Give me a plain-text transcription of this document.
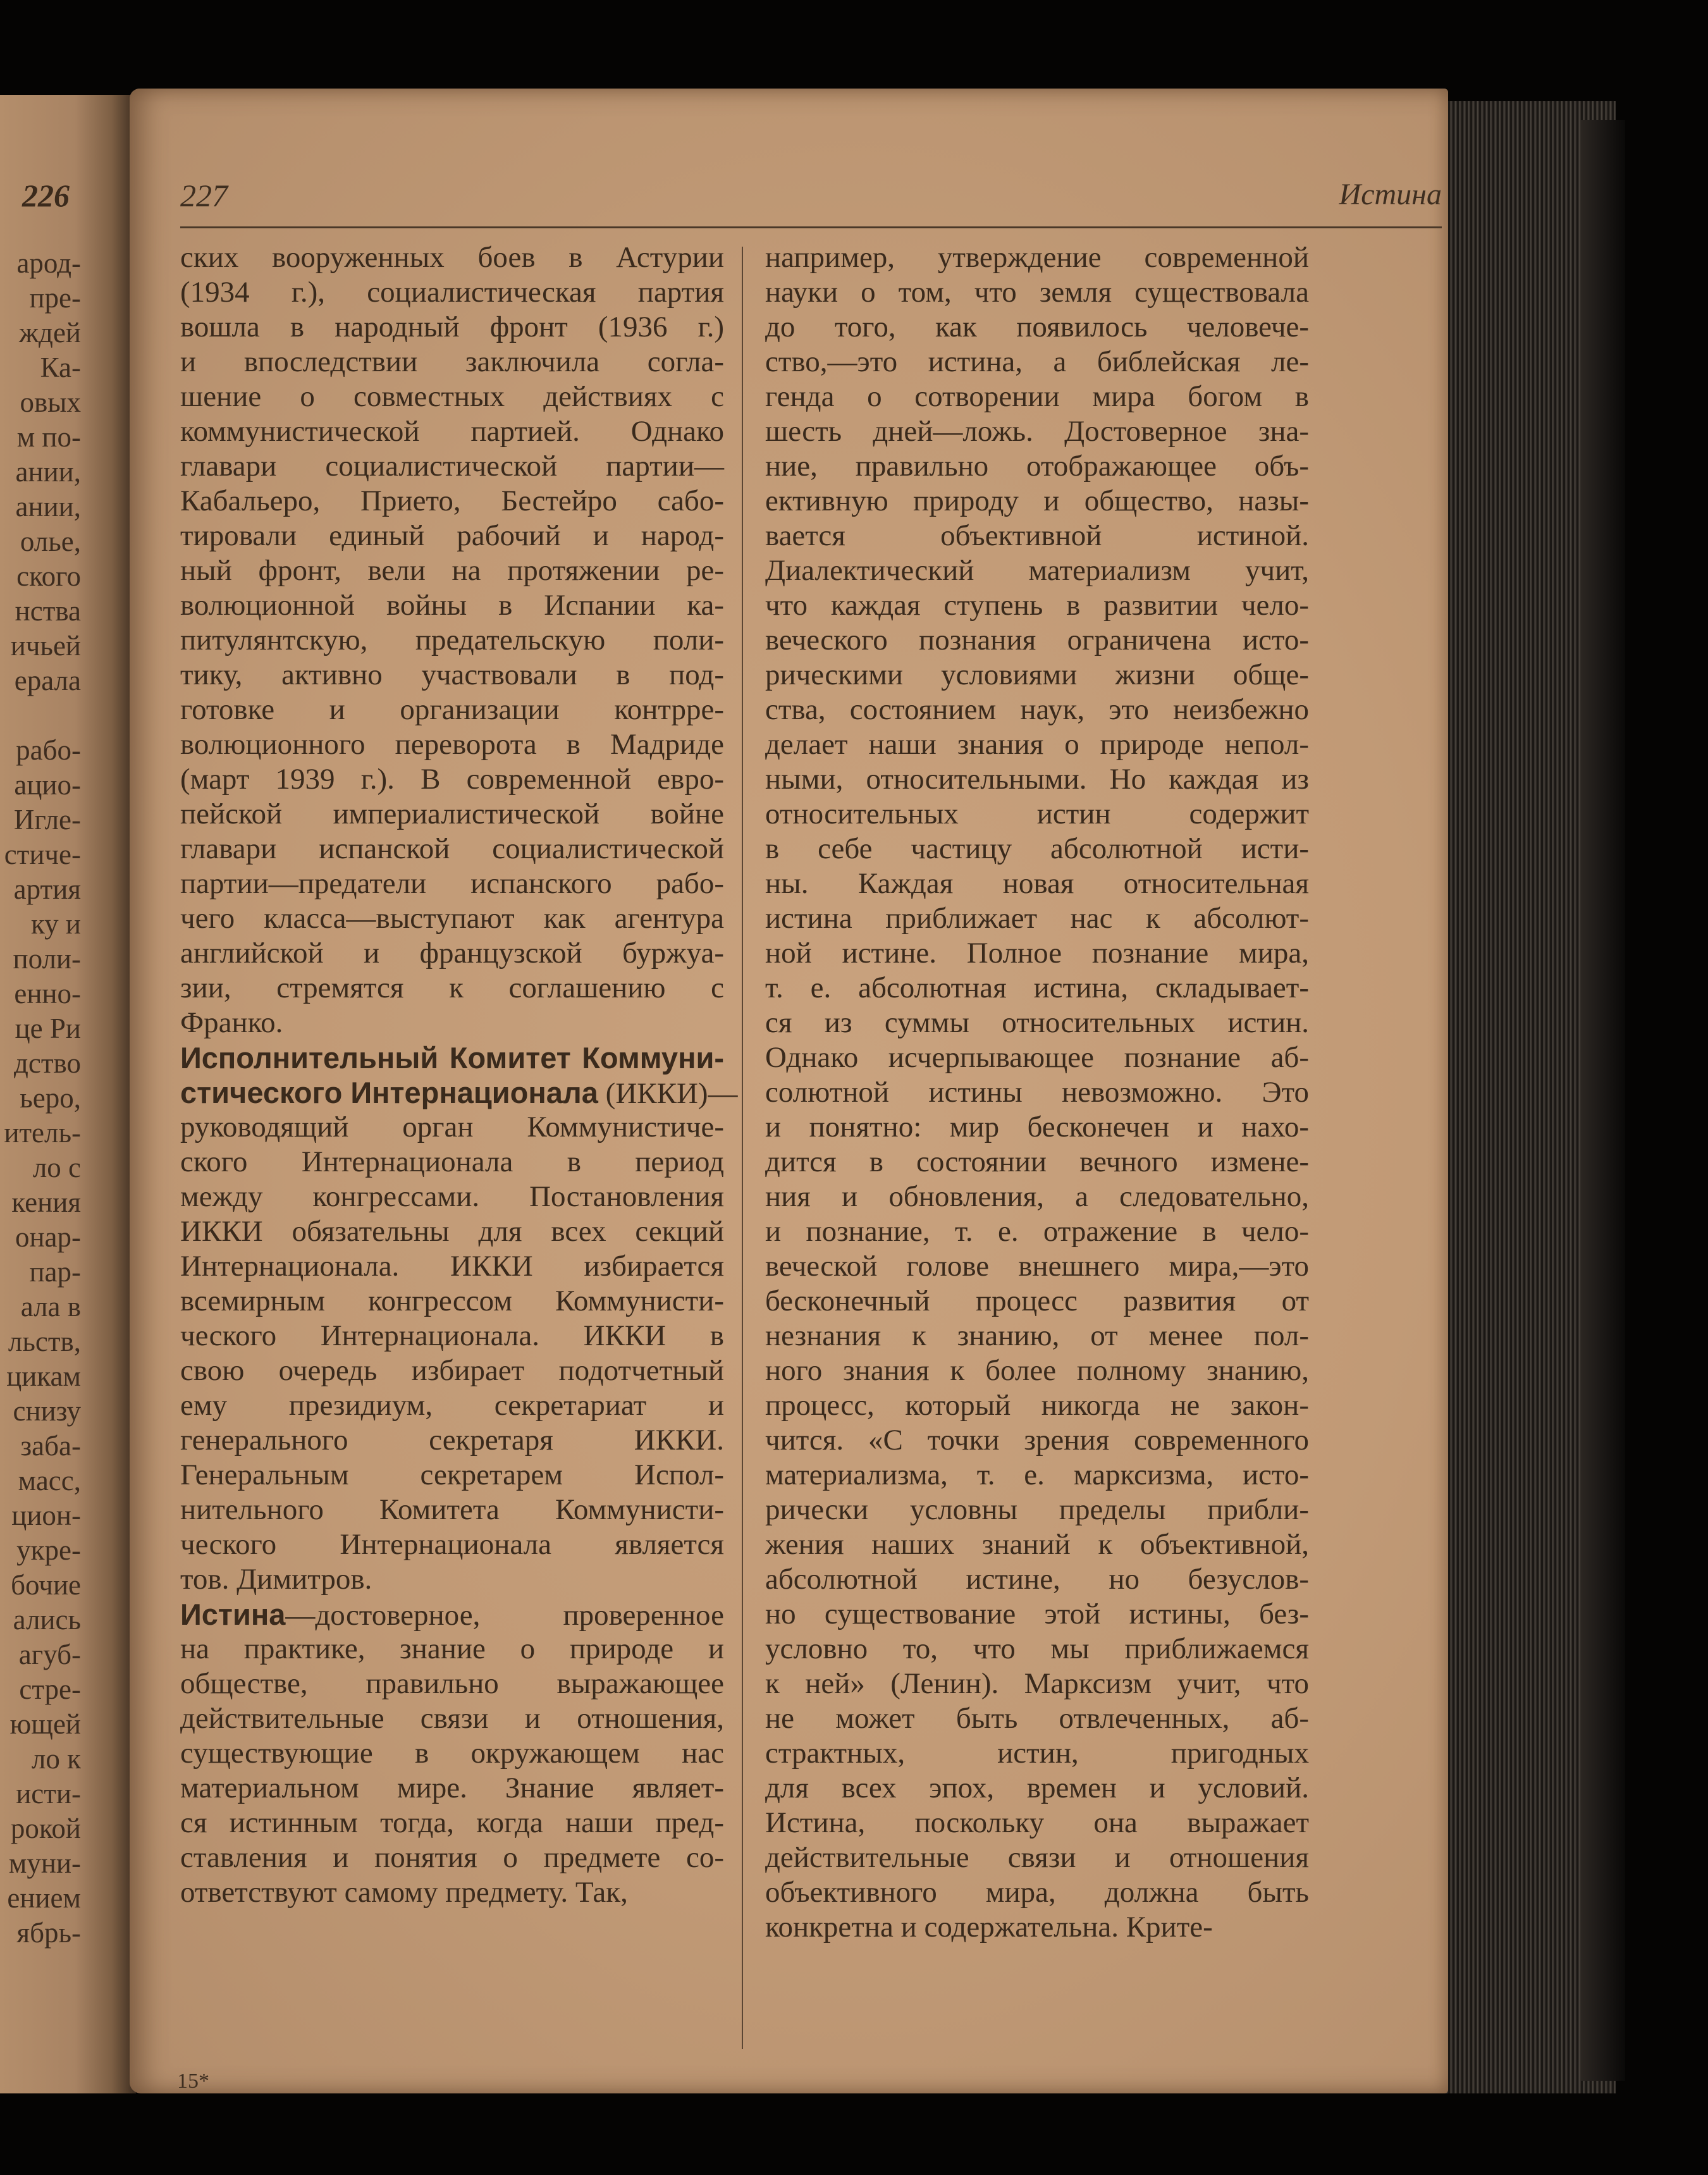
226
арод-
пре-
ждей
Ка-
овых
м по-
ании,
ании,
ольe,
ского
нства
ичьей
ерала
рабо-
ацио-
Игле-
стиче-
артия
ку и
поли-
енно-
це Ри
дство
ьеро,
итель-
ло с
кения
онар-
пар-
ала в
льств,
цикам
снизу
заба-
масс,
цион-
укре-
бочие
ались
агуб-
стре-
ющей
ло к
исти-
рокой
муни-
ением
ябрь-
227	Истина
ских вооруженных боев в Астурии
(1934 г.), социалистическая партия
вошла в народный фронт (1936 г.)
и впоследствии заключила согла-
шение о совместных действиях с
коммунистической партией. Однако
главари социалистической партии—
Кабальеро, Прието, Бестейро сабо-
тировали единый рабочий и народ-
ный фронт, вели на протяжении ре-
волюционной войны в Испании ка-
питулянтскую, предательскую поли-
тику, активно участвовали в под-
готовке и организации контрре-
волюционного переворота в Мадриде
(март 1939 г.). В современной евро-
пейской империалистической войне
главари испанской социалистической
партии—предатели испанского рабо-
чего класса—выступают как агентура
английской и французской буржуа-
зии, стремятся к соглашению с
Франко.
Исполнительный Комитет Коммуни-
стического Интернационала (ИККИ)—
руководящий орган Коммунистиче-
ского Интернационала в период
между конгрессами. Постановления
ИККИ обязательны для всех секций
Интернационала. ИККИ избирается
всемирным конгрессом Коммунисти-
ческого Интернационала. ИККИ в
свою очередь избирает подотчетный
ему президиум, секретариат и
генерального секретаря ИККИ.
Генеральным секретарем Испол-
нительного Комитета Коммунисти-
ческого Интернационала является
тов. Димитров.
Истина—достоверное, проверенное
на практике, знание о природе и
обществе, правильно выражающее
действительные связи и отношения,
существующие в окружающем нас
материальном мире. Знание являет-
ся истинным тогда, когда наши пред-
ставления и понятия о предмете со-
ответствуют самому предмету. Так,
например, утверждение современной
науки о том, что земля существовала
до того, как появилось человече-
ство,—это истина, а библейская ле-
генда о сотворении мира богом в
шесть дней—ложь. Достоверное зна-
ние, правильно отображающее объ-
ективную природу и общество, назы-
вается объективной истиной.
Диалектический материализм учит,
что каждая ступень в развитии чело-
веческого познания ограничена исто-
рическими условиями жизни обще-
ства, состоянием наук, это неизбежно
делает наши знания о природе непол-
ными, относительными. Но каждая из
относительных истин содержит
в себе частицу абсолютной исти-
ны. Каждая новая относительная
истина приближает нас к абсолют-
ной истине. Полное познание мира,
т. е. абсолютная истина, складывает-
ся из суммы относительных истин.
Однако исчерпывающее познание аб-
солютной истины невозможно. Это
и понятно: мир бесконечен и нахо-
дится в состоянии вечного измене-
ния и обновления, а следовательно,
и познание, т. е. отражение в чело-
веческой голове внешнего мира,—это
бесконечный процесс развития от
незнания к знанию, от менее пол-
ного знания к более полному знанию,
процесс, который никогда не закон-
чится. «С точки зрения современного
материализма, т. е. марксизма, исто-
рически условны пределы прибли-
жения наших знаний к объективной,
абсолютной истине, но безуслов-
но существование этой истины, без-
условно то, что мы приближаемся
к ней» (Ленин). Марксизм учит, что
не может быть отвлеченных, аб-
страктных, истин, пригодных
для всех эпох, времен и условий.
Истина, поскольку она выражает
действительные связи и отношения
объективного мира, должна быть
конкретна и содержательна. Крите-
15*
